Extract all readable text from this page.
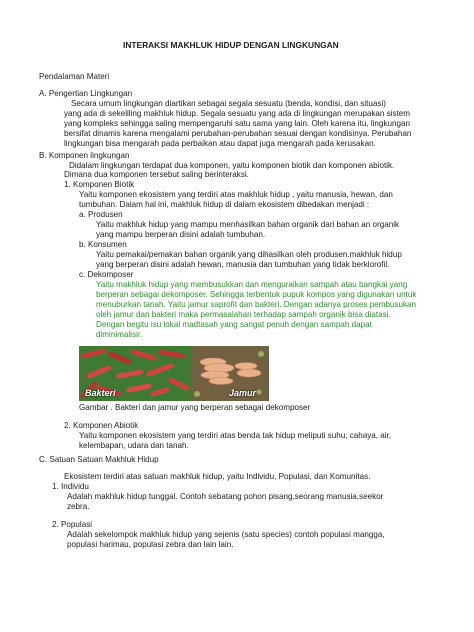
INTERAKSI MAKHLUK HIDUP DENGAN LINGKUNGAN
Pendalaman Materi
A. Pengertian Lingkungan
Secara umum lingkungan diartikan sebagai segala sesuatu (benda, kondisi, dan situasi)
yang ada di sekeliling makhluk hidup. Segala sesuatu yang ada di lingkungan merupakan sistem
yang kompleks sehingga saling mempengaruhi satu sama yang lain. Oleh karena itu, lingkungan
bersifat dinamis karena mengalami perubahan-perubahan sesuai dengan kondisinya. Perubahan
lingkungan bisa mengarah pada perbaikan atau dapat juga mengarah pada kerusakan.
B. Komponen lingkungan
Didalam lingkungan terdapat dua komponen, yaitu komponen biotik dan komponen abiotik.
Dimana dua komponen tersebut saling berinteraksi.
1. Komponen Biotik
Yaitu komponen ekosistem yang terdiri atas makhluk hidup , yaitu manusia, hewan, dan
tumbuhan. Dalam hal ini, makhluk hidup di dalam ekosistem dibedakan menjadi :
a. Produsen
Yaitu makhluk hidup yang mampu menhasilkan bahan organik dari bahan an organik
yang mampu berperan disini adalah tumbuhan.
b. Konsumen
Yaitu pemakai/pemakan bahan organik yang dihasilkan oleh produsen.makhluk hidup
yang berperan disini adalah hewan, manusia dan tumbuhan yang tidak berklorofil.
c. Dekomposer
Yaitu makhluk hidup yang membusukkan dan menguraikan sampah atau bangkai yang
berperan sebagai dekomposer. Sehingga terbentuk pupuk kompos yang digunakan untuk
menuburkan tanah. Yaitu jamur saprofit dan bakteri. Dengan adanya proses pembusukan
oleh jamur dan bakteri maka permasalahan terhadap sampah organik bisa diatasi.
Dengan begitu isu lokal madtasah yang sangat penuh dengan sampah dapat
diminimalisir.
Bakteri	Jamur
Gambar . Bakteri dan jamur yang berperan sebagai dekomposer
2. Komponen Abiotik
Yaitu komponen ekosistem yang terdiri atas benda tak hidup meliputi suhu, cahaya, air,
kelembapan, udara dan tanah.
C. Satuan Satuan Makhluk Hidup
Ekosistem terdiri atas satuan makhluk hidup, yaitu Individu, Populasi, dan Komunitas.
1. Individu
Adalah makhluk hidup tunggal. Contoh sebatang pohon pisang,seorang manusia,seekor
zebra.
2. Populasi
Adalah sekelompok makhluk hidup yang sejenis (satu species) contoh populasi mangga,
populasi harimau, populasi zebra dan lain lain.
